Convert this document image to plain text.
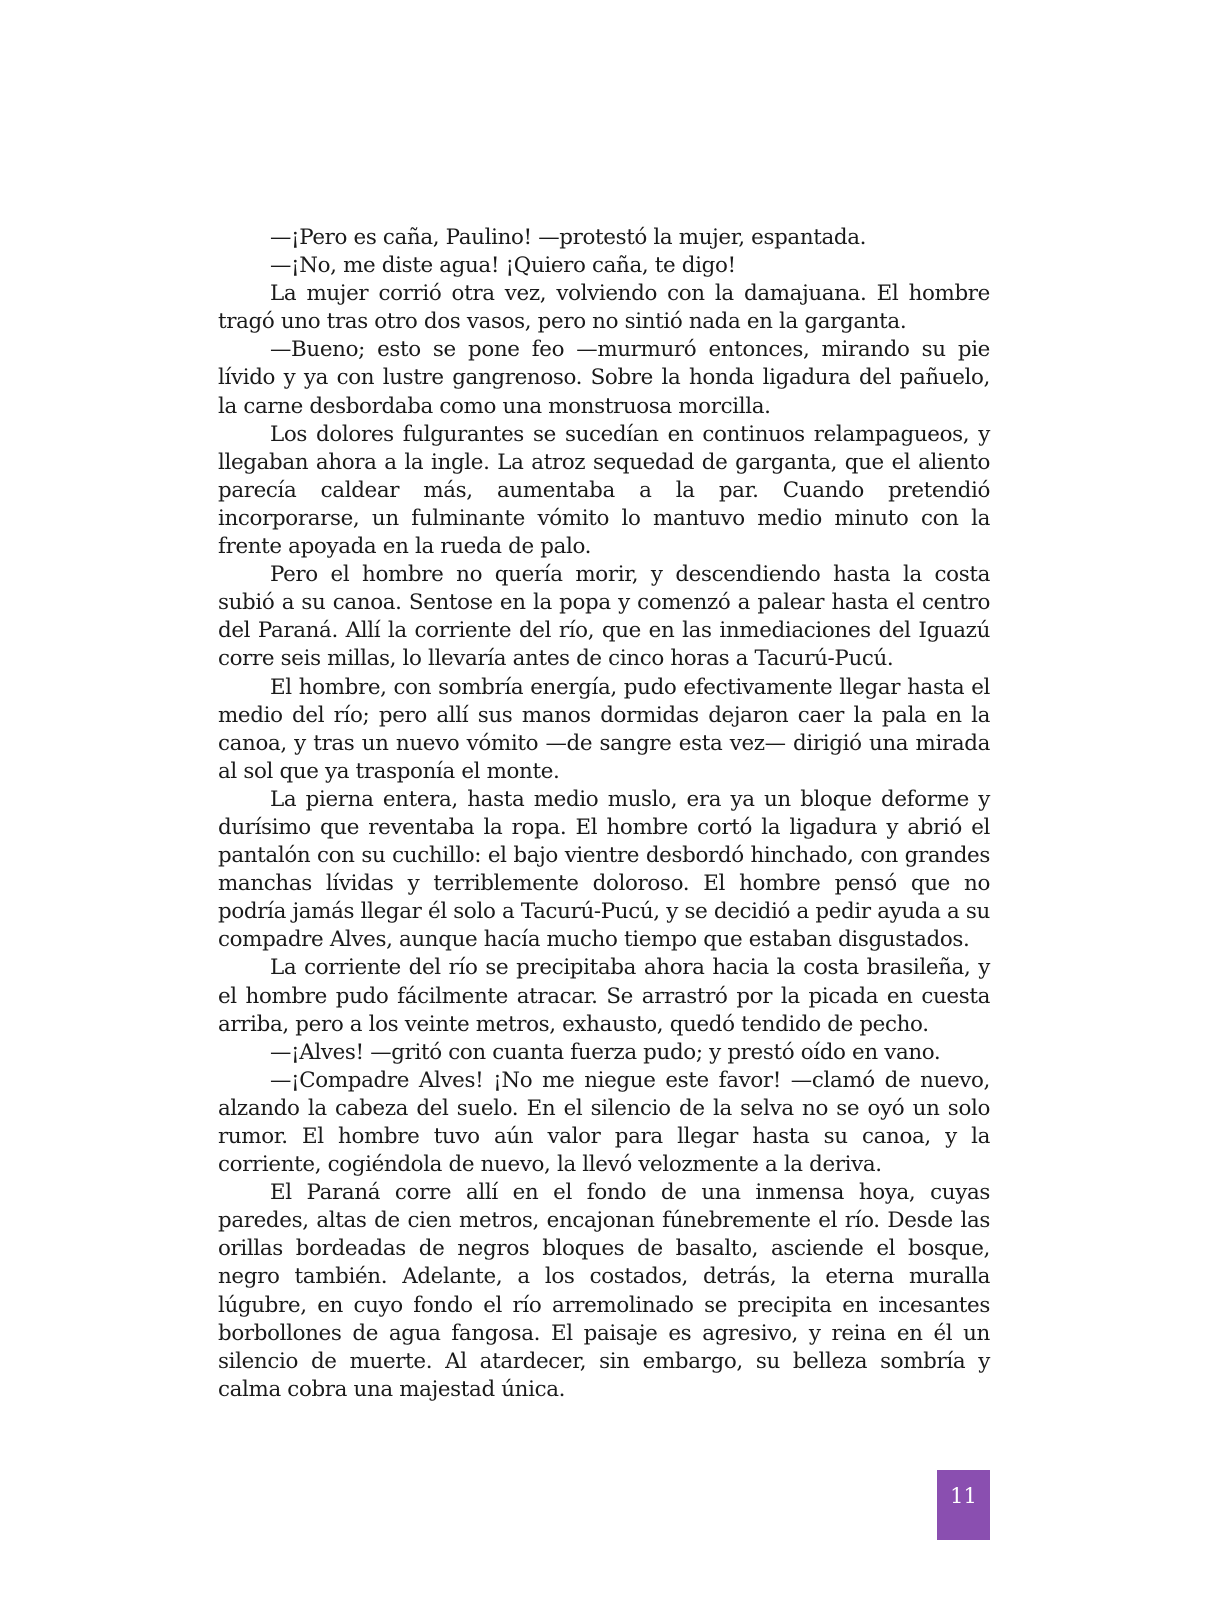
—¡Pero es caña, Paulino! —protestó la mujer, espantada.

—¡No, me diste agua! ¡Quiero caña, te digo!

La mujer corrió otra vez, volviendo con la damajuana. El hombre tragó uno tras otro dos vasos, pero no sintió nada en la garganta.

—Bueno; esto se pone feo —murmuró entonces, mirando su pie lívido y ya con lustre gangrenoso. Sobre la honda ligadura del pañuelo, la carne desbordaba como una monstruosa morcilla.

Los dolores fulgurantes se sucedían en continuos relampagueos, y llegaban ahora a la ingle. La atroz sequedad de garganta, que el aliento parecía caldear más, aumentaba a la par. Cuando pretendió incorporarse, un fulminante vómito lo mantuvo medio minuto con la frente apoyada en la rueda de palo.

Pero el hombre no quería morir, y descendiendo hasta la costa subió a su canoa. Sentose en la popa y comenzó a palear hasta el centro del Paraná. Allí la corriente del río, que en las inmediaciones del Iguazú corre seis millas, lo llevaría antes de cinco horas a Tacurú-Pucú.

El hombre, con sombría energía, pudo efectivamente llegar hasta el medio del río; pero allí sus manos dormidas dejaron caer la pala en la canoa, y tras un nuevo vómito —de sangre esta vez— dirigió una mirada al sol que ya trasponía el monte.

La pierna entera, hasta medio muslo, era ya un bloque deforme y durísimo que reventaba la ropa. El hombre cortó la ligadura y abrió el pantalón con su cuchillo: el bajo vientre desbordó hinchado, con grandes manchas lívidas y terriblemente doloroso. El hombre pensó que no podría jamás llegar él solo a Tacurú-Pucú, y se decidió a pedir ayuda a su compadre Alves, aunque hacía mucho tiempo que estaban disgustados.

La corriente del río se precipitaba ahora hacia la costa brasileña, y el hombre pudo fácilmente atracar. Se arrastró por la picada en cuesta arriba, pero a los veinte metros, exhausto, quedó tendido de pecho.

—¡Alves! —gritó con cuanta fuerza pudo; y prestó oído en vano.

—¡Compadre Alves! ¡No me niegue este favor! —clamó de nuevo, alzando la cabeza del suelo. En el silencio de la selva no se oyó un solo rumor. El hombre tuvo aún valor para llegar hasta su canoa, y la corriente, cogiéndola de nuevo, la llevó velozmente a la deriva.

El Paraná corre allí en el fondo de una inmensa hoya, cuyas paredes, altas de cien metros, encajonan fúnebremente el río. Desde las orillas bordeadas de negros bloques de basalto, asciende el bosque, negro también. Adelante, a los costados, detrás, la eterna muralla lúgubre, en cuyo fondo el río arremolinado se precipita en incesantes borbollones de agua fangosa. El paisaje es agresivo, y reina en él un silencio de muerte. Al atardecer, sin embargo, su belleza sombría y calma cobra una majestad única.

11
